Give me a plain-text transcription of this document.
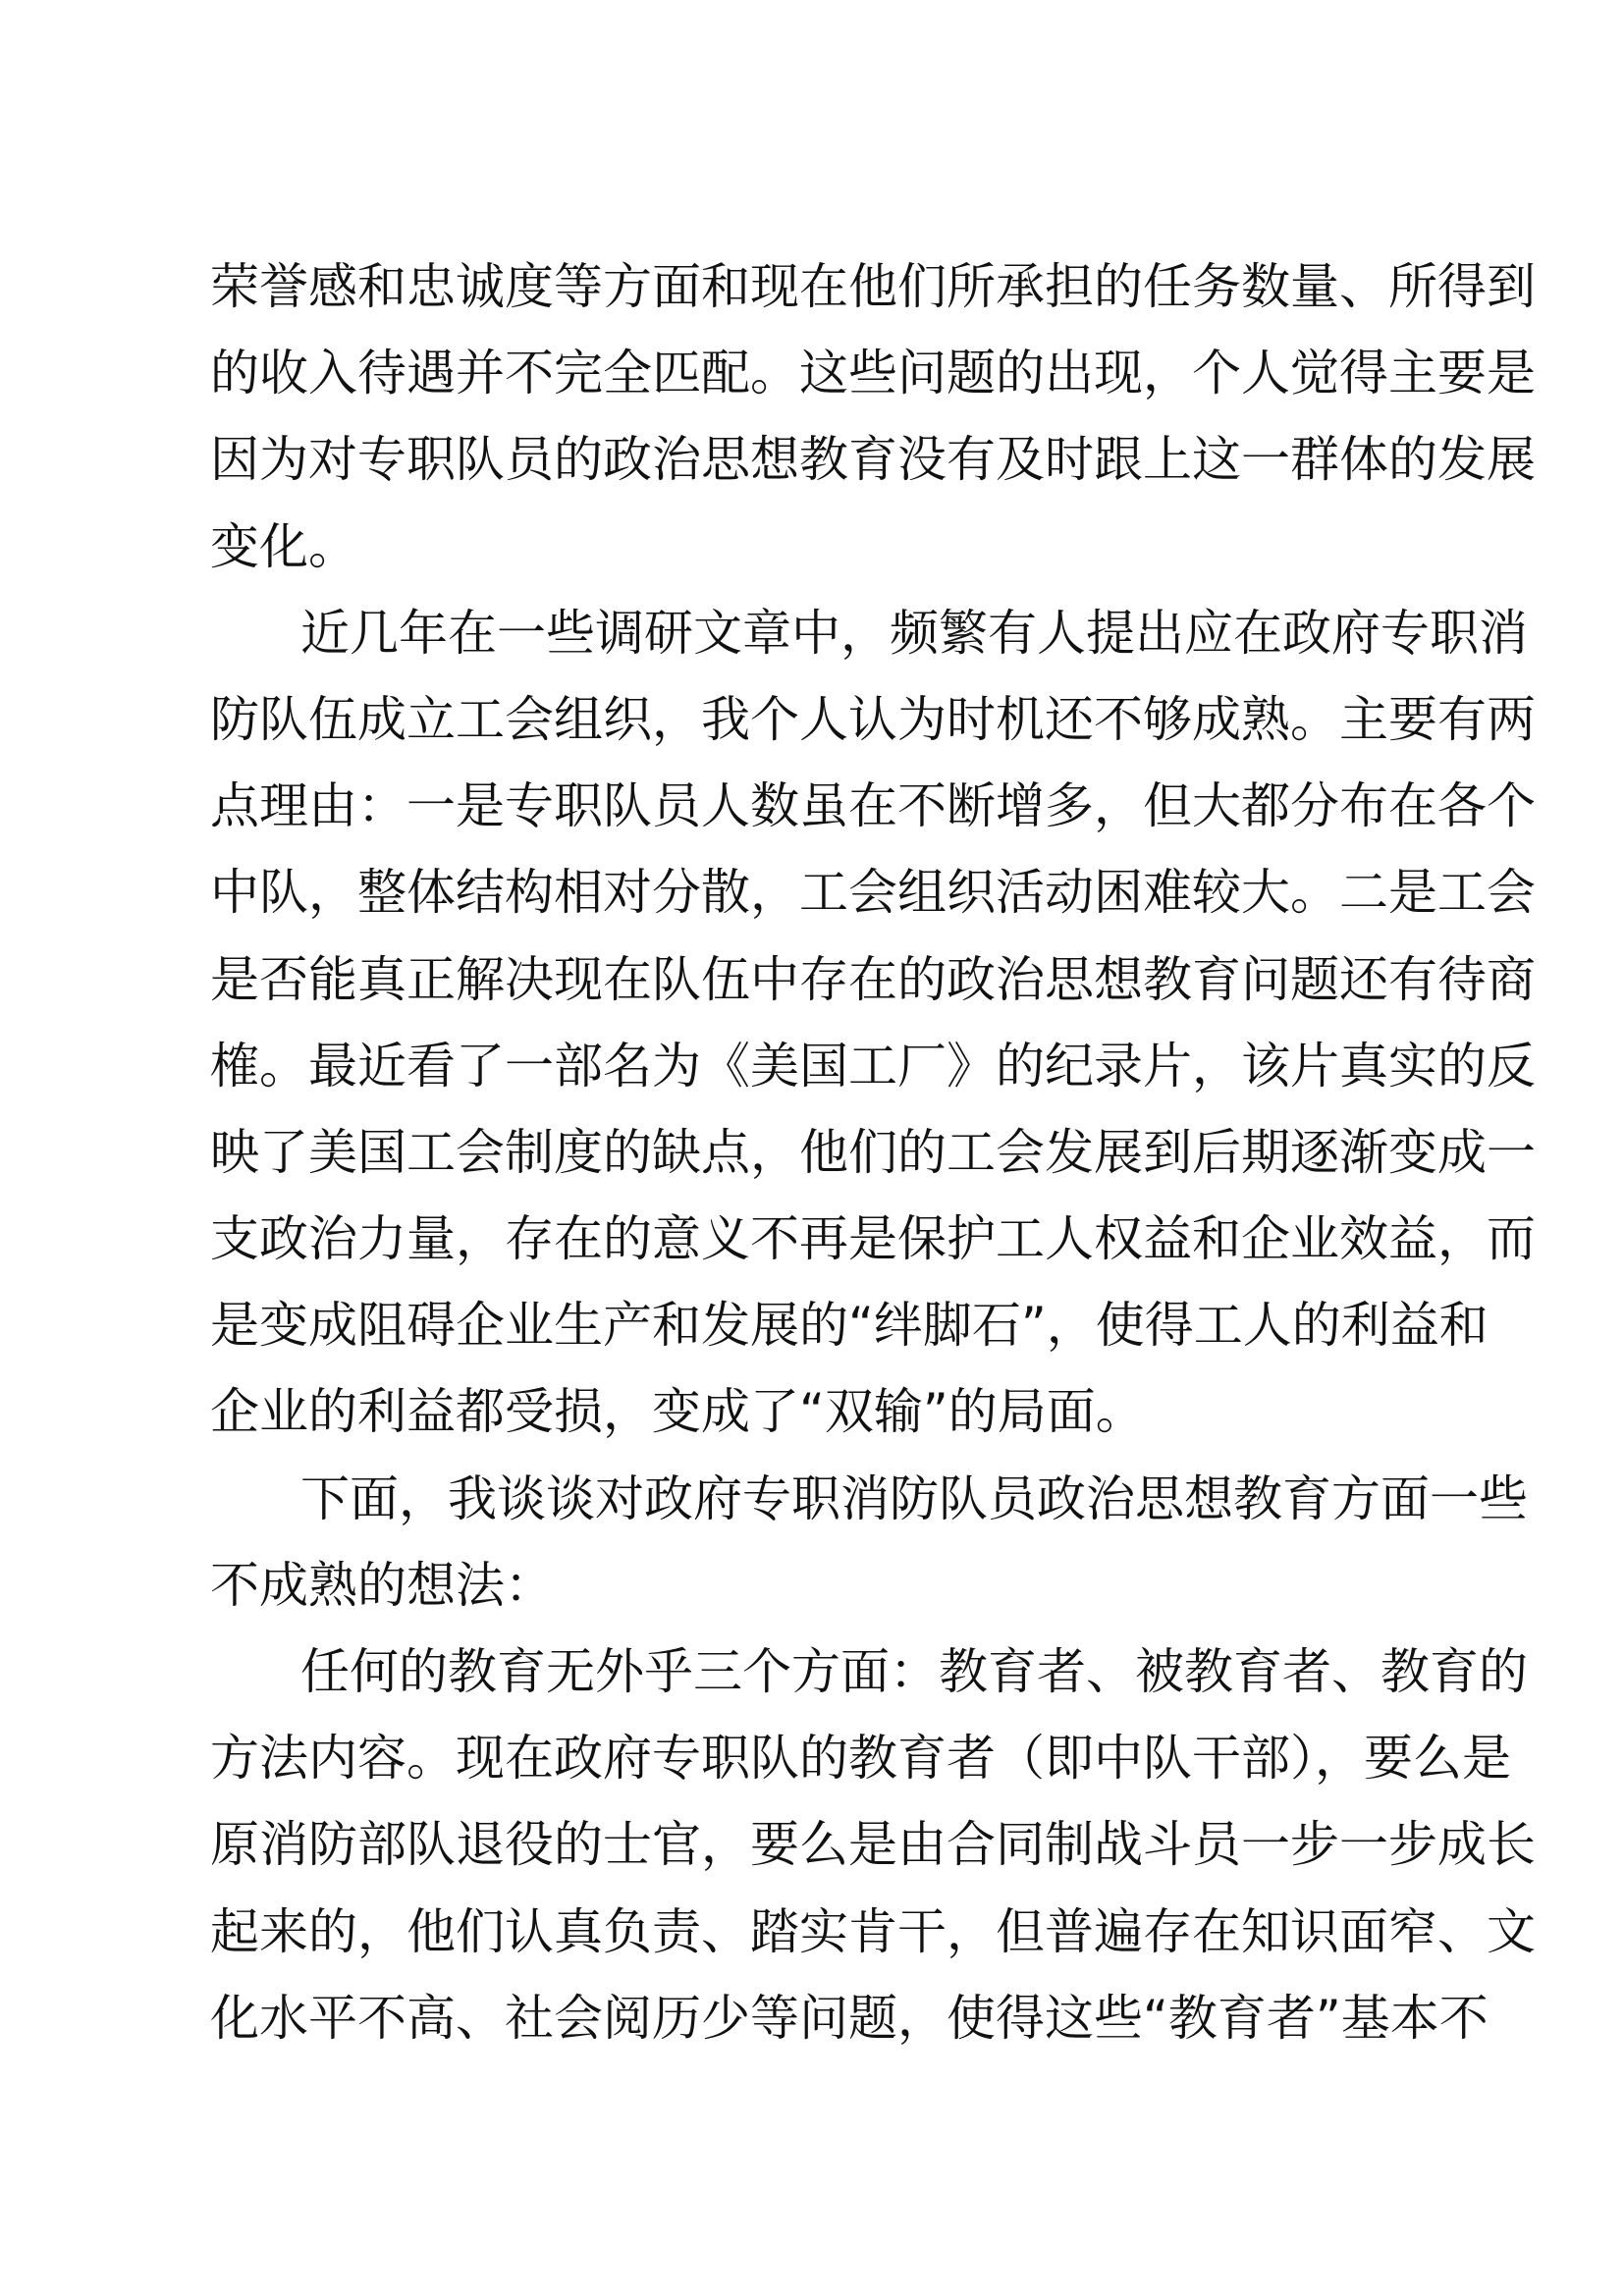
荣誉感和忠诚度等方面和现在他们所承担的任务数量、所得到
的收入待遇并不完全匹配。这些问题的出现，个人觉得主要是
因为对专职队员的政治思想教育没有及时跟上这一群体的发展
变化。
近几年在一些调研文章中，频繁有人提出应在政府专职消
防队伍成立工会组织，我个人认为时机还不够成熟。主要有两
点理由：一是专职队员人数虽在不断增多，但大都分布在各个
中队，整体结构相对分散，工会组织活动困难较大。二是工会
是否能真正解决现在队伍中存在的政治思想教育问题还有待商
榷。最近看了一部名为《美国工厂》的纪录片，该片真实的反
映了美国工会制度的缺点，他们的工会发展到后期逐渐变成一
支政治力量，存在的意义不再是保护工人权益和企业效益，而
是变成阻碍企业生产和发展的“绊脚石”，使得工人的利益和
企业的利益都受损，变成了“双输”的局面。
下面，我谈谈对政府专职消防队员政治思想教育方面一些
不成熟的想法：
任何的教育无外乎三个方面：教育者、被教育者、教育的
方法内容。现在政府专职队的教育者（即中队干部），要么是
原消防部队退役的士官，要么是由合同制战斗员一步一步成长
起来的，他们认真负责、踏实肯干，但普遍存在知识面窄、文
化水平不高、社会阅历少等问题，使得这些“教育者”基本不
